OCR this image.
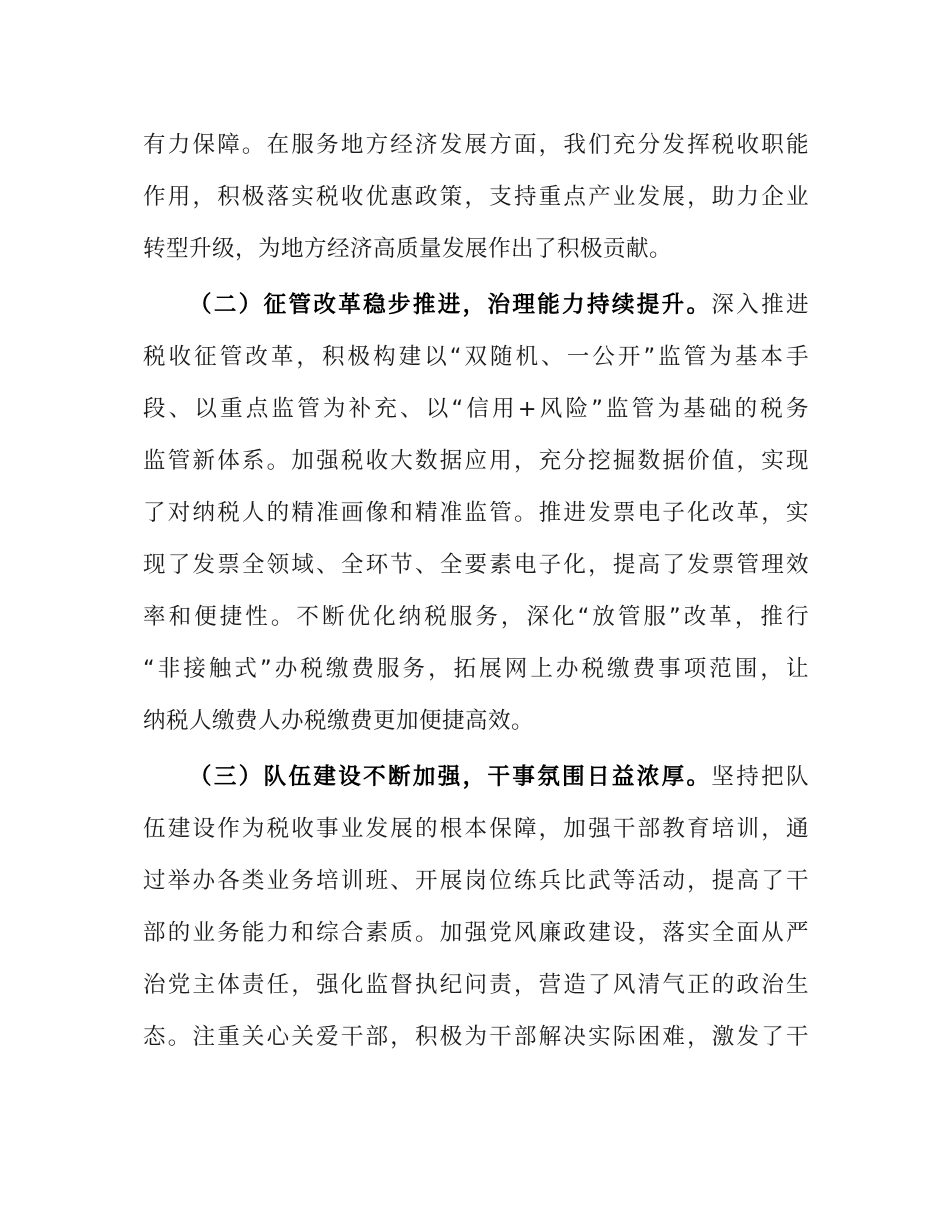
有力保障。在服务地方经济发展方面，我们充分发挥税收职能
作用，积极落实税收优惠政策，支持重点产业发展，助力企业
转型升级，为地方经济高质量发展作出了积极贡献。
（二）征管改革稳步推进，治理能力持续提升。深入推进
税收征管改革，积极构建以“双随机、一公开”监管为基本手
段、以重点监管为补充、以“信用+风险”监管为基础的税务
监管新体系。加强税收大数据应用，充分挖掘数据价值，实现
了对纳税人的精准画像和精准监管。推进发票电子化改革，实
现了发票全领域、全环节、全要素电子化，提高了发票管理效
率和便捷性。不断优化纳税服务，深化“放管服”改革，推行
“非接触式”办税缴费服务，拓展网上办税缴费事项范围，让
纳税人缴费人办税缴费更加便捷高效。
（三）队伍建设不断加强，干事氛围日益浓厚。坚持把队
伍建设作为税收事业发展的根本保障，加强干部教育培训，通
过举办各类业务培训班、开展岗位练兵比武等活动，提高了干
部的业务能力和综合素质。加强党风廉政建设，落实全面从严
治党主体责任，强化监督执纪问责，营造了风清气正的政治生
态。注重关心关爱干部，积极为干部解决实际困难，激发了干
